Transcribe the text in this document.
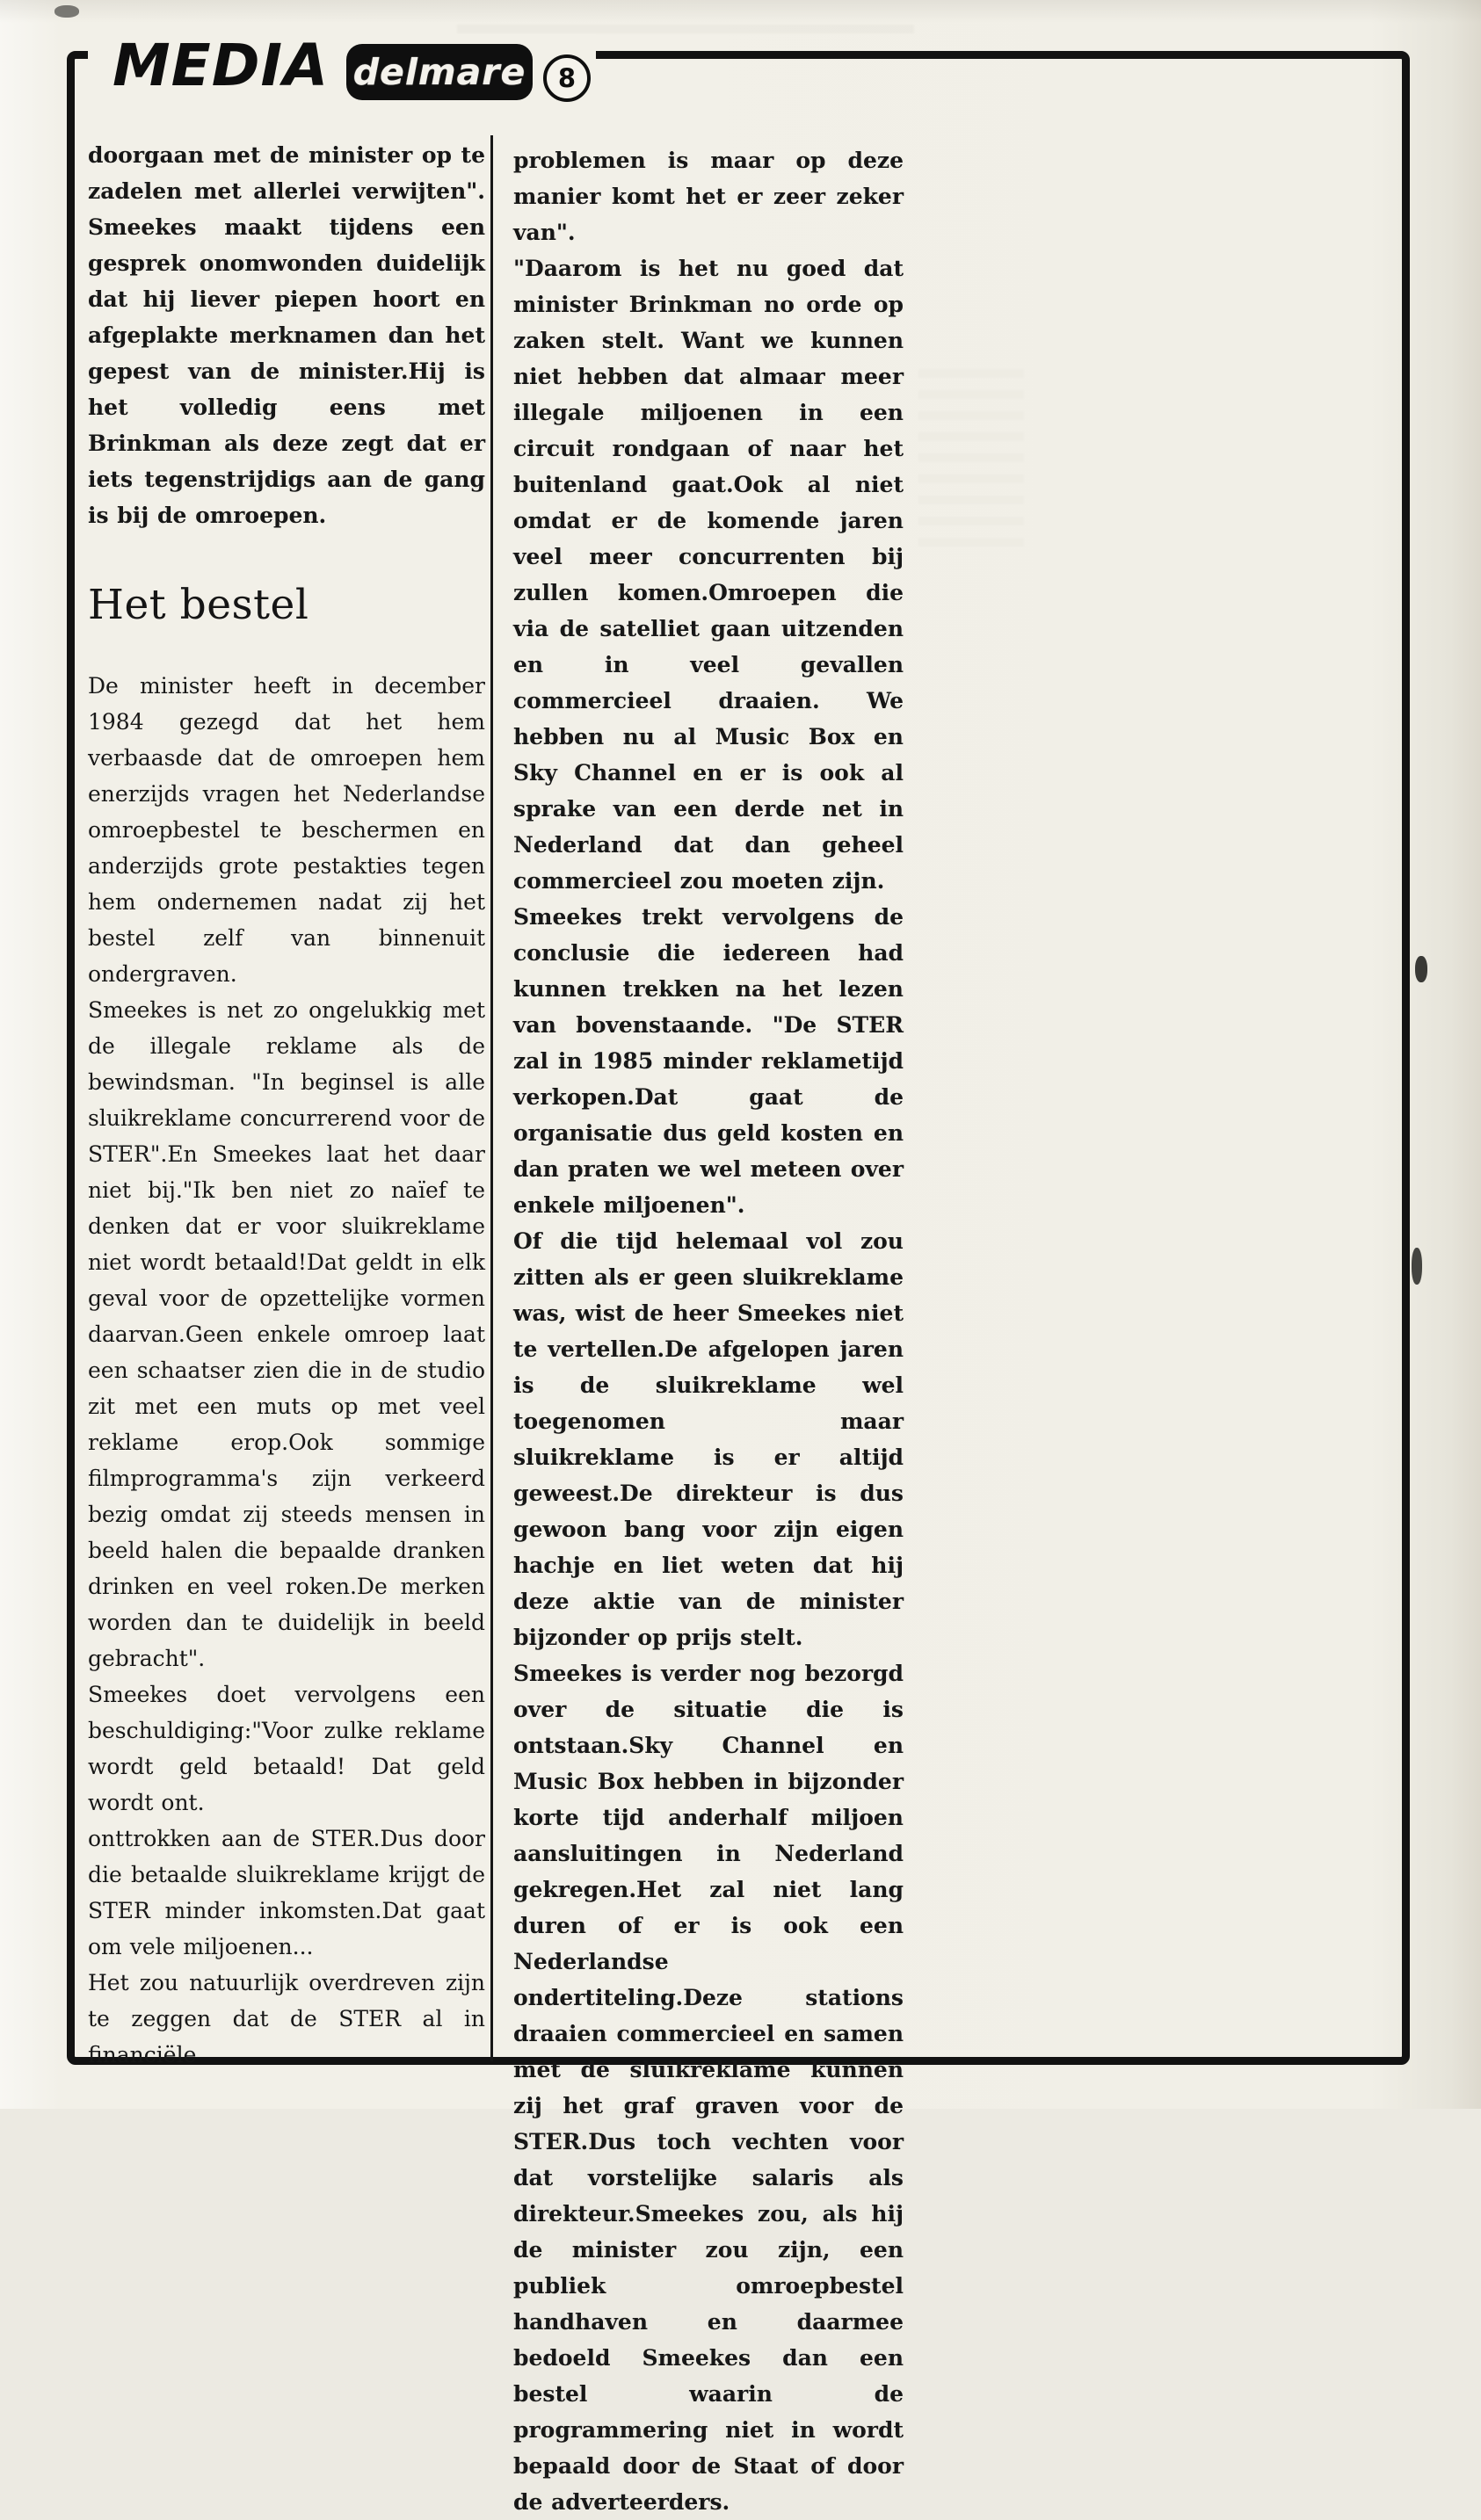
MEDIA delmare 8

doorgaan met de minister op te zadelen met allerlei verwijten". Smeekes maakt tijdens een gesprek onomwonden duidelijk dat hij liever piepen hoort en afgeplakte merknamen dan het gepest van de minister.Hij is het volledig eens met Brinkman als deze zegt dat er iets tegenstrijdigs aan de gang is bij de omroepen.

Het bestel

De minister heeft in december 1984 gezegd dat het hem verbaasde dat de omroepen hem enerzijds vragen het Nederlandse omroepbestel te beschermen en anderzijds grote pestakties tegen hem ondernemen nadat zij het bestel zelf van binnenuit ondergraven.

Smeekes is net zo ongelukkig met de illegale reklame als de bewindsman. "In beginsel is alle sluikreklame concurrerend voor de STER".En Smeekes laat het daar niet bij."Ik ben niet zo naïef te denken dat er voor sluikreklame niet wordt betaald!Dat geldt in elk geval voor de opzettelijke vormen daarvan.Geen enkele omroep laat een schaatser zien die in de studio zit met een muts op met veel reklame erop.Ook sommige filmprogramma's zijn verkeerd bezig omdat zij steeds mensen in beeld halen die bepaalde dranken drinken en veel roken.De merken worden dan te duidelijk in beeld gebracht".

Smeekes doet vervolgens een beschuldiging:"Voor zulke reklame wordt geld betaald! Dat geld wordt ont.

onttrokken aan de STER.Dus door die betaalde sluikreklame krijgt de STER minder inkomsten.Dat gaat om vele miljoenen...

Het zou natuurlijk overdreven zijn te zeggen dat de STER al in financiële

problemen is maar op deze manier komt het er zeer zeker van".

"Daarom is het nu goed dat minister Brinkman no orde op zaken stelt. Want we kunnen niet hebben dat almaar meer illegale miljoenen in een circuit rondgaan of naar het buitenland gaat.Ook al niet omdat er de komende jaren veel meer concurrenten bij zullen komen.Omroepen die via de satelliet gaan uitzenden en in veel gevallen commercieel draaien. We hebben nu al Music Box en Sky Channel en er is ook al sprake van een derde net in Nederland dat dan geheel commercieel zou moeten zijn.

Smeekes trekt vervolgens de conclusie die iedereen had kunnen trekken na het lezen van bovenstaande. "De STER zal in 1985 minder reklametijd verkopen.Dat gaat de organisatie dus geld kosten en dan praten we wel meteen over enkele miljoenen".

Of die tijd helemaal vol zou zitten als er geen sluikreklame was, wist de heer Smeekes niet te vertellen.De afgelopen jaren is de sluikreklame wel toegenomen maar sluikreklame is er altijd geweest.De direkteur is dus gewoon bang voor zijn eigen hachje en liet weten dat hij deze aktie van de minister bijzonder op prijs stelt.

Smeekes is verder nog bezorgd over de situatie die is ontstaan.Sky Channel en Music Box hebben in bijzonder korte tijd anderhalf miljoen aansluitingen in Nederland gekregen.Het zal niet lang duren of er is ook een Nederlandse ondertiteling.Deze stations draaien commercieel en samen met de sluikreklame kunnen zij het graf graven voor de STER.Dus toch vechten voor dat vorstelijke salaris als direkteur.Smeekes zou, als hij de minister zou zijn, een publiek omroepbestel handhaven en daarmee bedoeld Smeekes dan een bestel waarin de programmering niet in wordt bepaald door de Staat of door de adverteerders.
